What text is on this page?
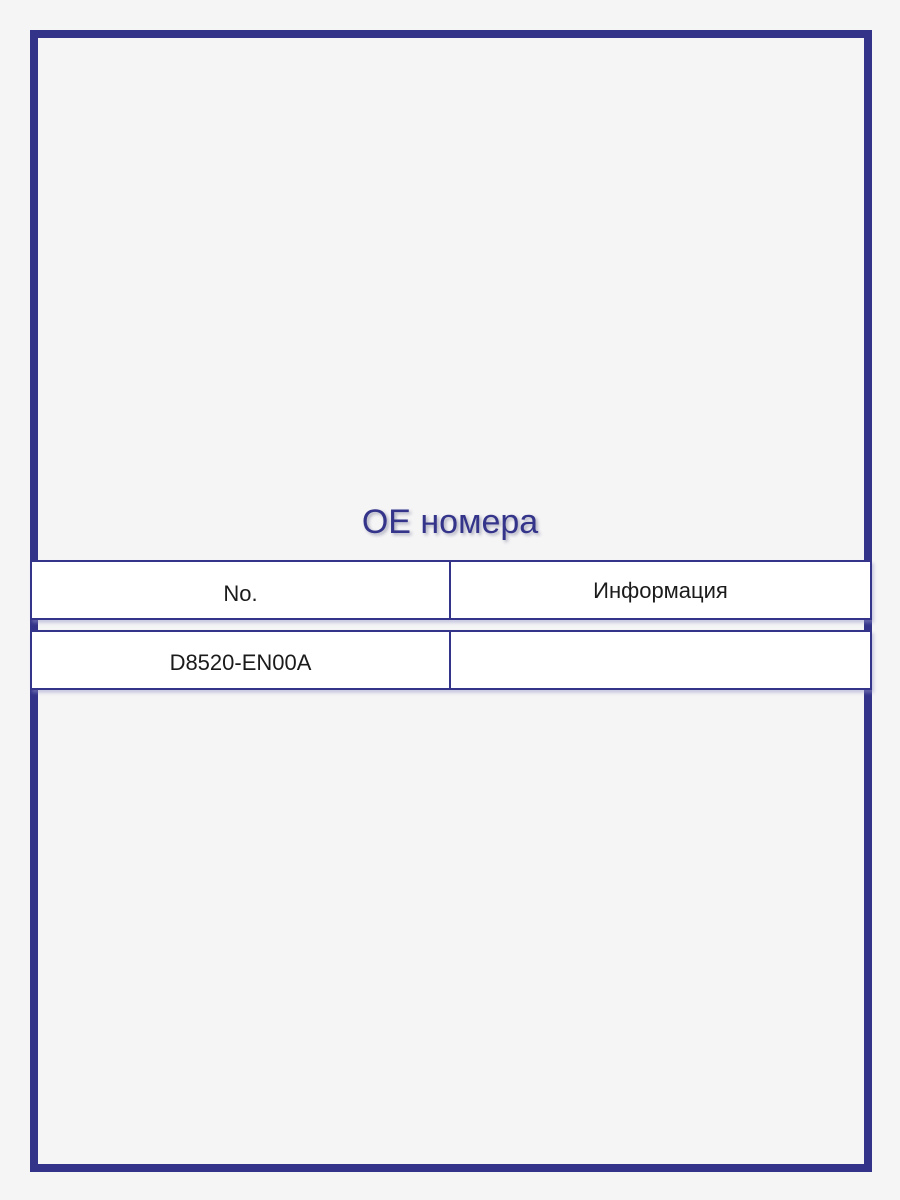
OE номера
No.	Информация
D8520-EN00A
